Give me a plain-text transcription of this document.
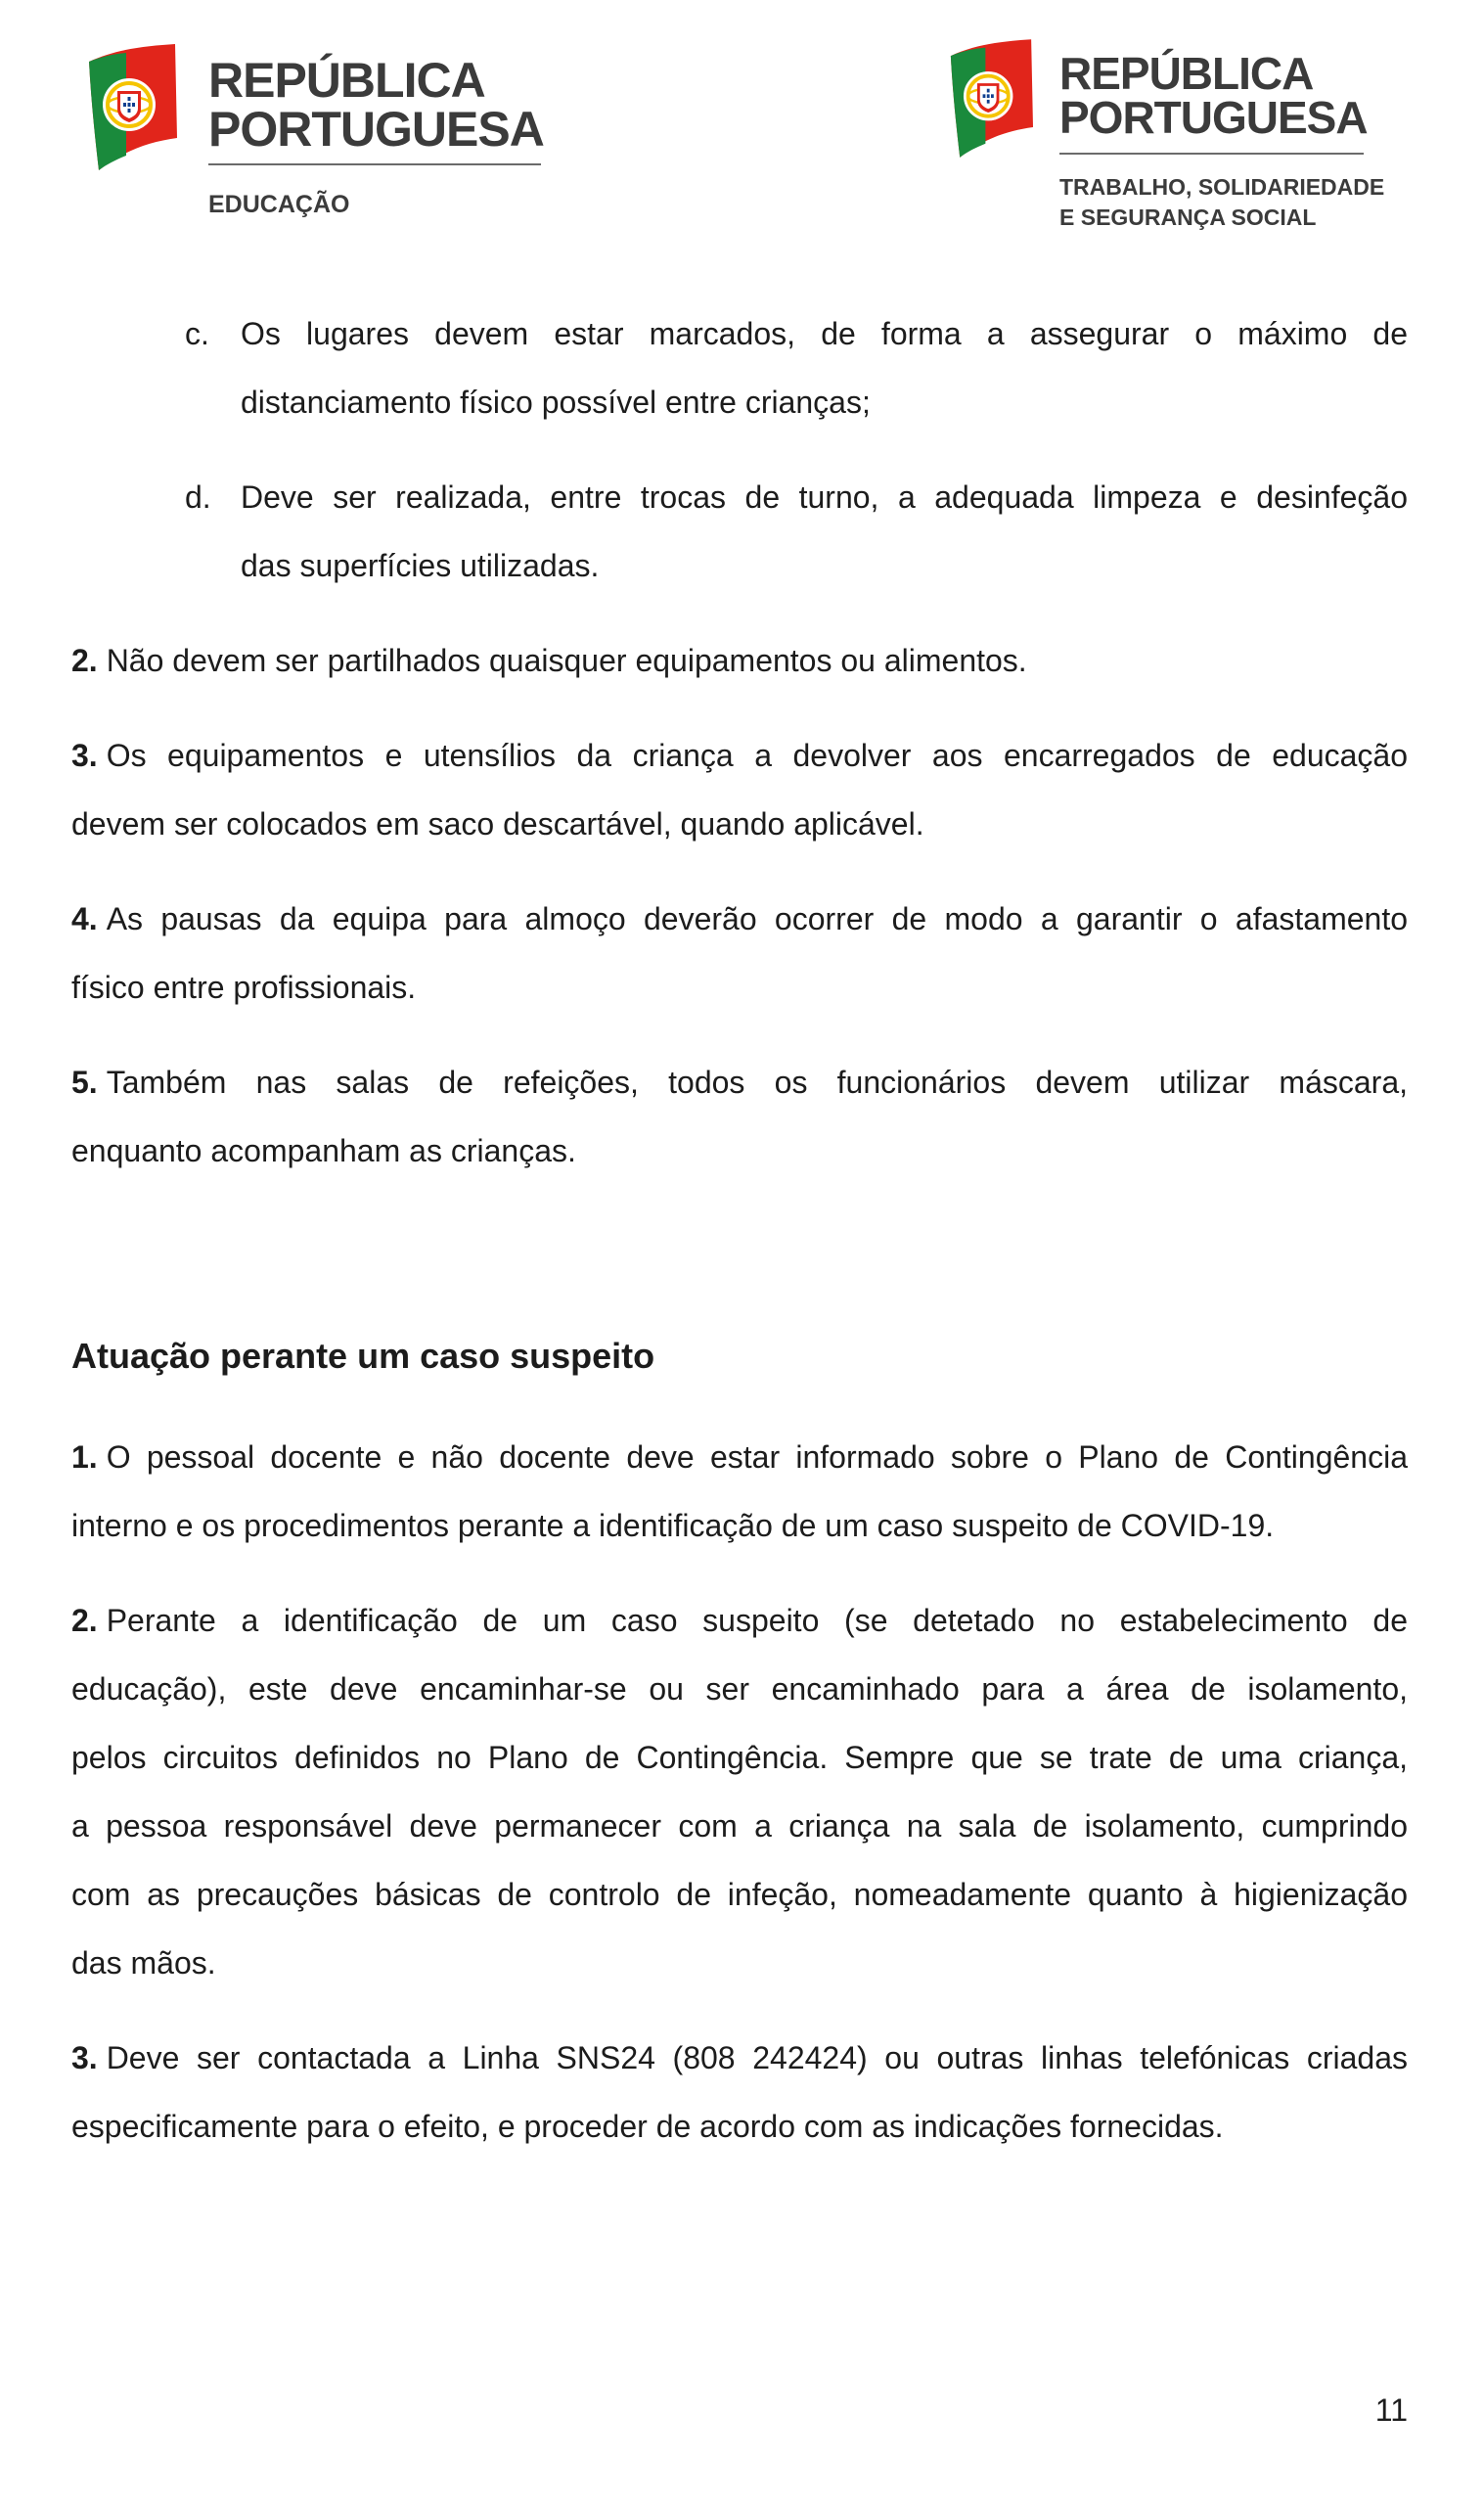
REPÚBLICA
PORTUGUESA
EDUCAÇÃO
REPÚBLICA
PORTUGUESA
TRABALHO, SOLIDARIEDADE
E SEGURANÇA SOCIAL
c. Os lugares devem estar marcados, de forma a assegurar o máximo de
distanciamento físico possível entre crianças;
d. Deve ser realizada, entre trocas de turno, a adequada limpeza e desinfeção
das superfícies utilizadas.
2. Não devem ser partilhados quaisquer equipamentos ou alimentos.
3. Os equipamentos e utensílios da criança a devolver aos encarregados de educação
devem ser colocados em saco descartável, quando aplicável.
4. As pausas da equipa para almoço deverão ocorrer de modo a garantir o afastamento
físico entre profissionais.
5. Também nas salas de refeições, todos os funcionários devem utilizar máscara,
enquanto acompanham as crianças.
Atuação perante um caso suspeito
1. O pessoal docente e não docente deve estar informado sobre o Plano de Contingência
interno e os procedimentos perante a identificação de um caso suspeito de COVID-19.
2. Perante a identificação de um caso suspeito (se detetado no estabelecimento de
educação), este deve encaminhar-se ou ser encaminhado para a área de isolamento,
pelos circuitos definidos no Plano de Contingência. Sempre que se trate de uma criança,
a pessoa responsável deve permanecer com a criança na sala de isolamento, cumprindo
com as precauções básicas de controlo de infeção, nomeadamente quanto à higienização
das mãos.
3. Deve ser contactada a Linha SNS24 (808 242424) ou outras linhas telefónicas criadas
especificamente para o efeito, e proceder de acordo com as indicações fornecidas.
11
